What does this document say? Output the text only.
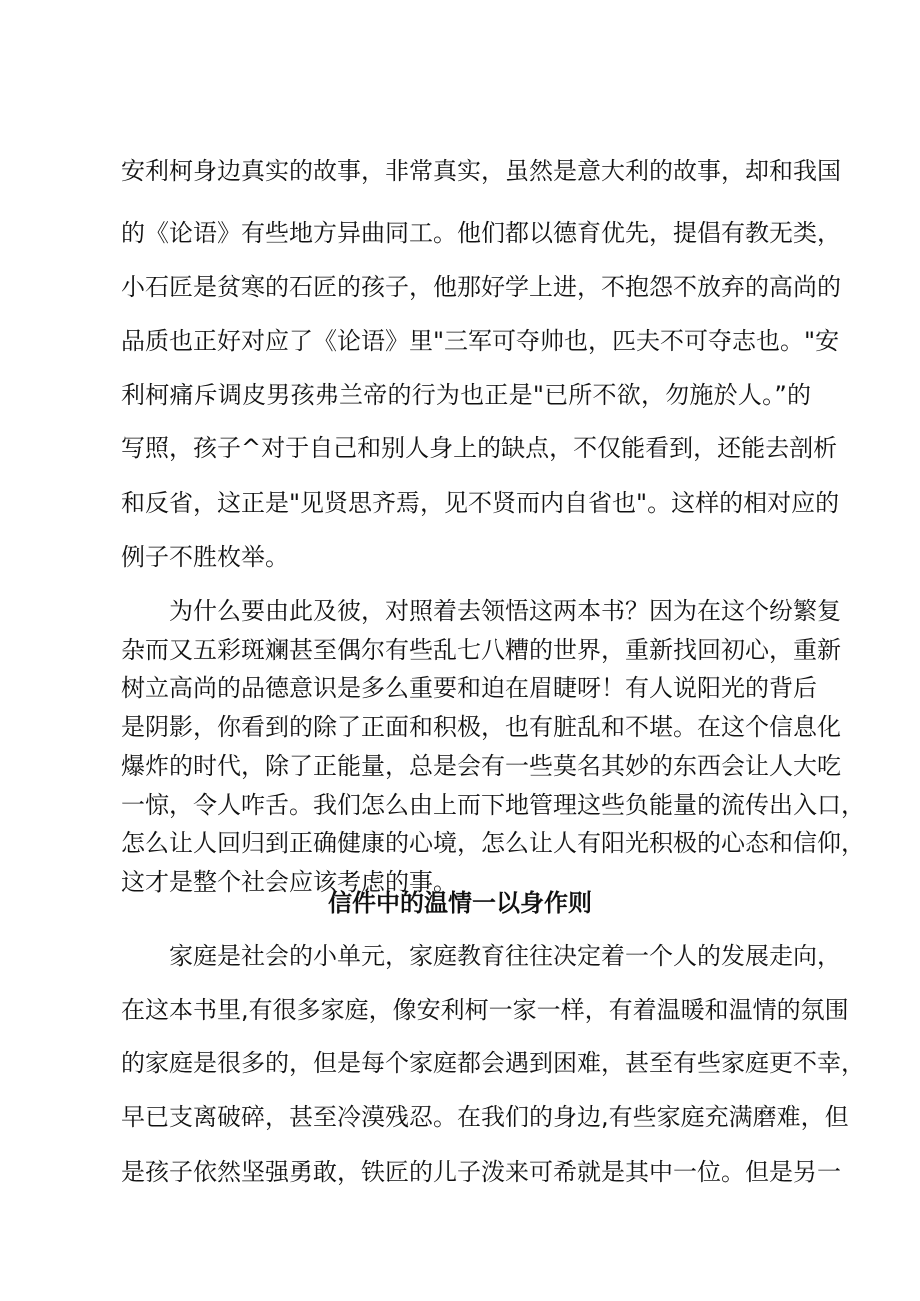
安利柯身边真实的故事，非常真实，虽然是意大利的故事，却和我国
的《论语》有些地方异曲同工。他们都以德育优先，提倡有教无类，
小石匠是贫寒的石匠的孩子，他那好学上进，不抱怨不放弃的高尚的
品质也正好对应了《论语》里"三军可夺帅也，匹夫不可夺志也。"安
利柯痛斥调皮男孩弗兰帝的行为也正是"已所不欲，勿施於人。”的
写照，孩子^对于自己和别人身上的缺点，不仅能看到，还能去剖析
和反省，这正是"见贤思齐焉，见不贤而内自省也"。这样的相对应的
例子不胜枚举。
为什么要由此及彼，对照着去领悟这两本书？因为在这个纷繁复
杂而又五彩斑斓甚至偶尔有些乱七八糟的世界，重新找回初心，重新
树立高尚的品德意识是多么重要和迫在眉睫呀！有人说阳光的背后
是阴影，你看到的除了正面和积极，也有脏乱和不堪。在这个信息化
爆炸的时代，除了正能量，总是会有一些莫名其妙的东西会让人大吃
一惊，令人咋舌。我们怎么由上而下地管理这些负能量的流传出入口，
信件中的温情一以身作则
家庭是社会的小单元，家庭教育往往决定着一个人的发展走向，
在这本书里,有很多家庭，像安利柯一家一样，有着温暖和温情的氛围
的家庭是很多的，但是每个家庭都会遇到困难，甚至有些家庭更不幸，
早已支离破碎，甚至冷漠残忍。在我们的身边,有些家庭充满磨难，但
是孩子依然坚强勇敢，铁匠的儿子泼来可希就是其中一位。但是另一
怎么让人回归到正确健康的心境，怎么让人有阳光积极的心态和信仰，
这才是整个社会应该考虑的事。
